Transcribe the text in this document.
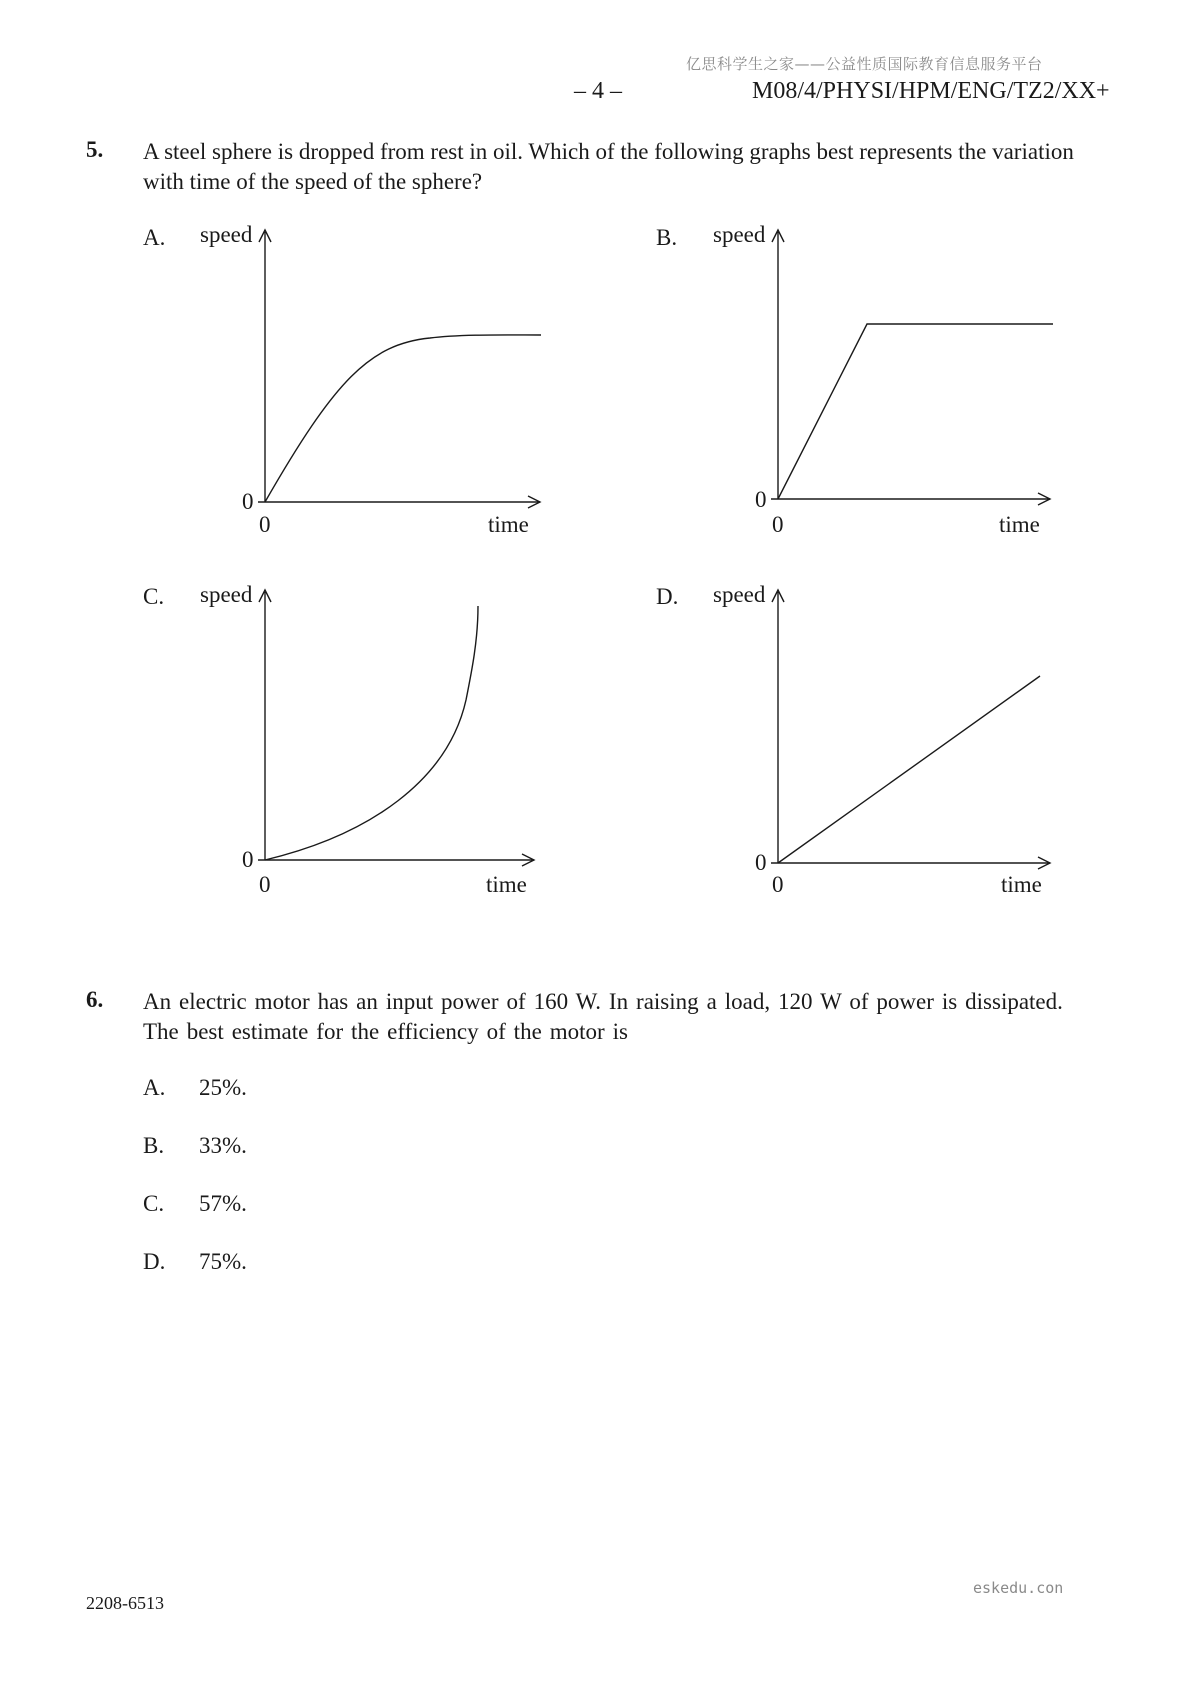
亿思科学生之家——公益性质国际教育信息服务平台
– 4 –	M08/4/PHYSI/HPM/ENG/TZ2/XX+
5. A steel sphere is dropped from rest in oil. Which of the following graphs best represents the variation
with time of the speed of the sphere?
A. speed
0
0	time
B. speed
0
0	time
C. speed
0
0	time
D. speed
0
0	time
6. An electric motor has an input power of 160 W. In raising a load, 120 W of power is dissipated.
The best estimate for the efficiency of the motor is
A. 25%.
B. 33%.
C. 57%.
D. 75%.
2208-6513
eskedu.con
